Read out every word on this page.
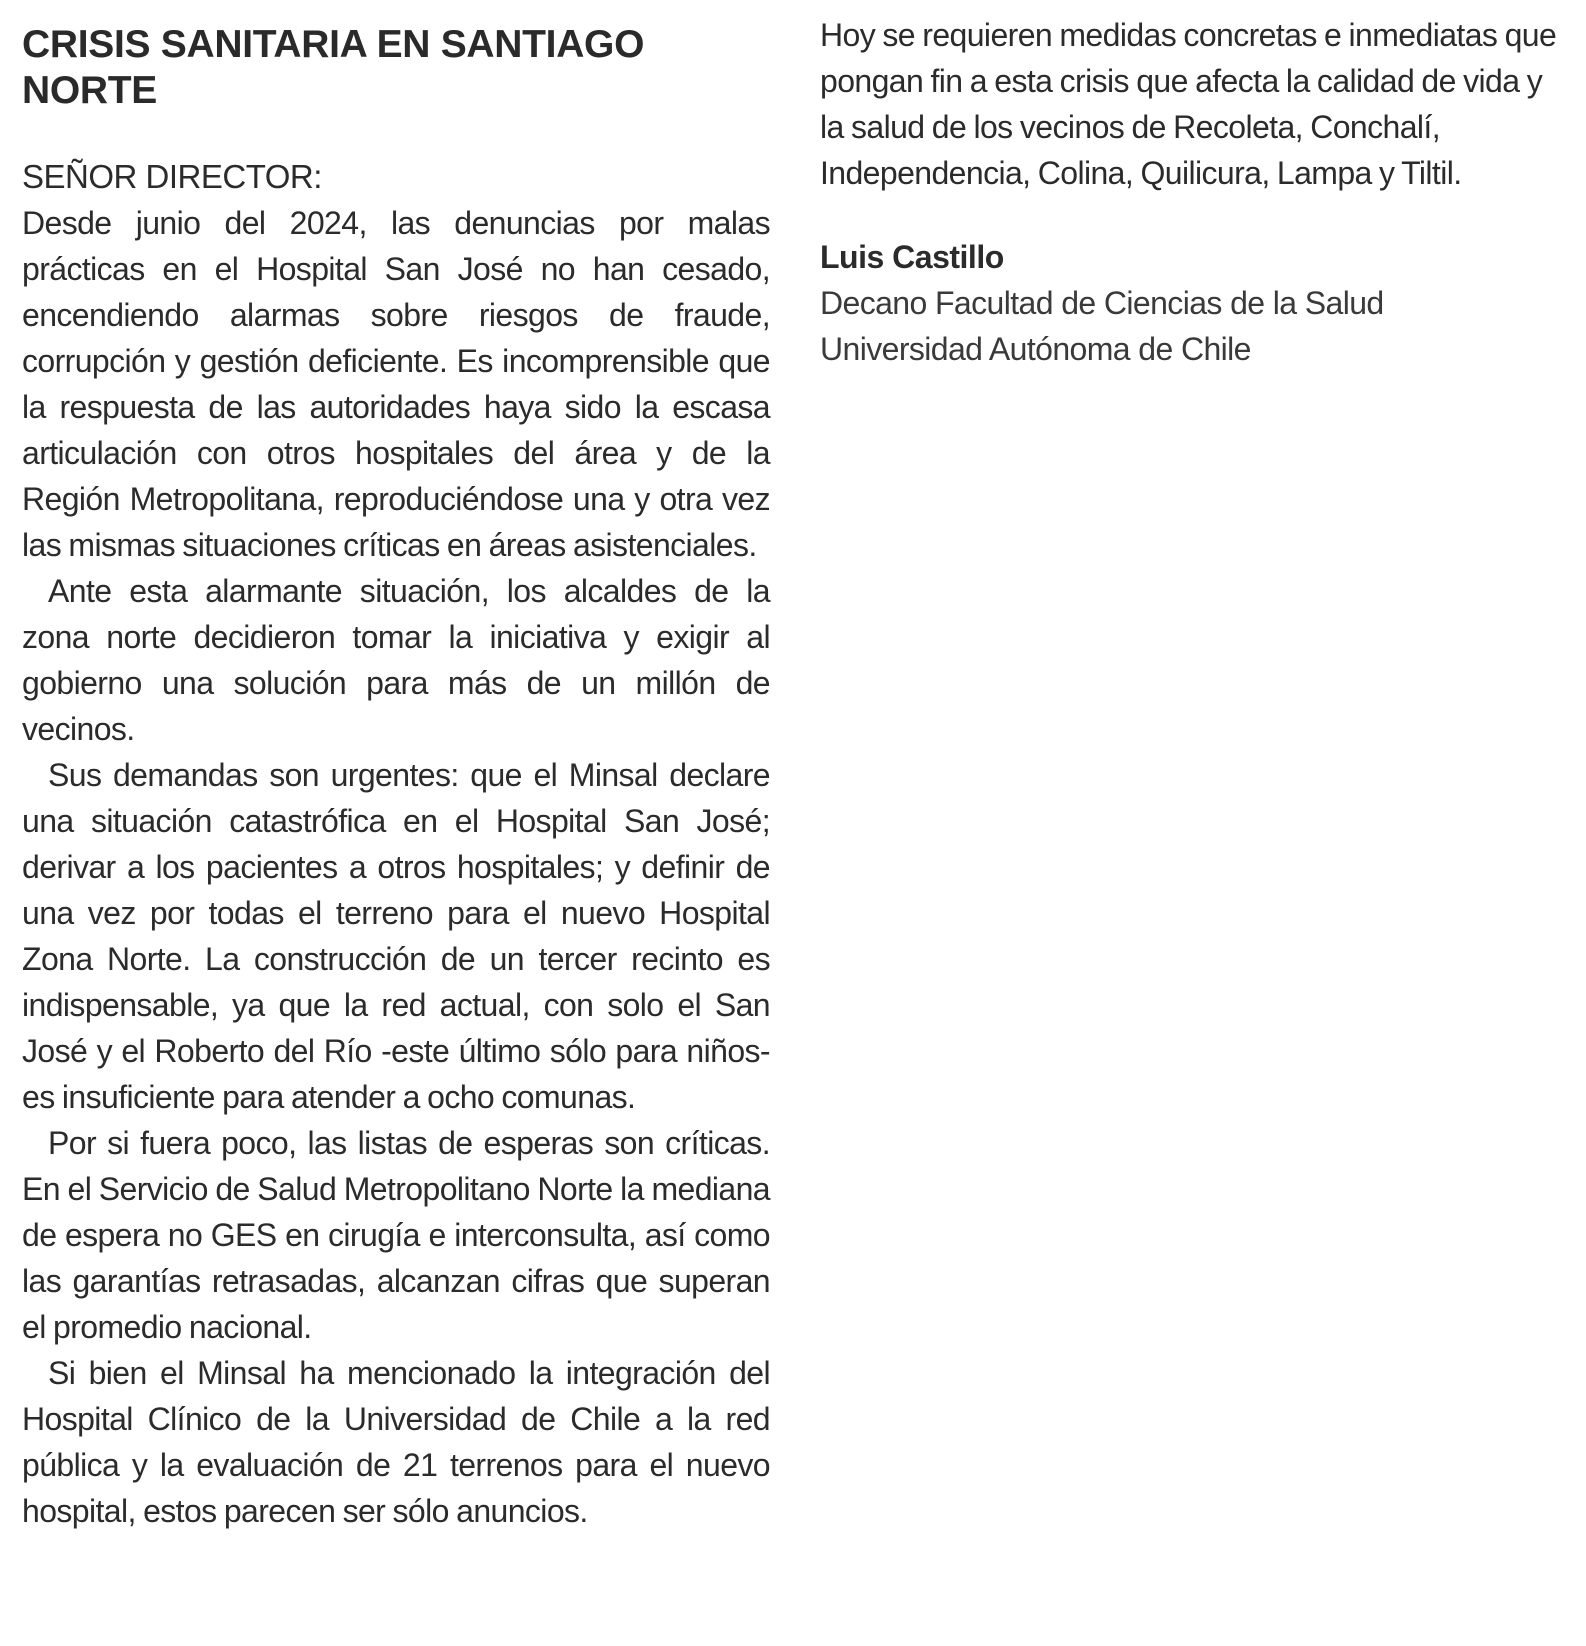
CRISIS SANITARIA EN SANTIAGO NORTE
SEÑOR DIRECTOR:

Desde junio del 2024, las denuncias por malas prácticas en el Hospital San José no han cesado, encendiendo alarmas sobre riesgos de fraude, corrupción y gestión deficiente. Es incomprensible que la respuesta de las autoridades haya sido la escasa articulación con otros hospitales del área y de la Región Metropolitana, reproduciéndose una y otra vez las mismas situaciones críticas en áreas asistenciales.

Ante esta alarmante situación, los alcaldes de la zona norte decidieron tomar la iniciativa y exigir al gobierno una solución para más de un millón de vecinos.

Sus demandas son urgentes: que el Minsal declare una situación catastrófica en el Hospital San José; derivar a los pacientes a otros hospitales; y definir de una vez por todas el terreno para el nuevo Hospital Zona Norte. La construcción de un tercer recinto es indispensable, ya que la red actual, con solo el San José y el Roberto del Río -este último sólo para niños- es insuficiente para atender a ocho comunas.

Por si fuera poco, las listas de esperas son críticas. En el Servicio de Salud Metropolitano Norte la mediana de espera no GES en cirugía e interconsulta, así como las garantías retrasadas, alcanzan cifras que superan el promedio nacional.

Si bien el Minsal ha mencionado la integración del Hospital Clínico de la Universidad de Chile a la red pública y la evaluación de 21 terrenos para el nuevo hospital, estos parecen ser sólo anuncios.

Hoy se requieren medidas concretas e inmediatas que pongan fin a esta crisis que afecta la calidad de vida y la salud de los vecinos de Recoleta, Conchalí, Independencia, Colina, Quilicura, Lampa y Tiltil.

Luis Castillo
Decano Facultad de Ciencias de la Salud
Universidad Autónoma de Chile
